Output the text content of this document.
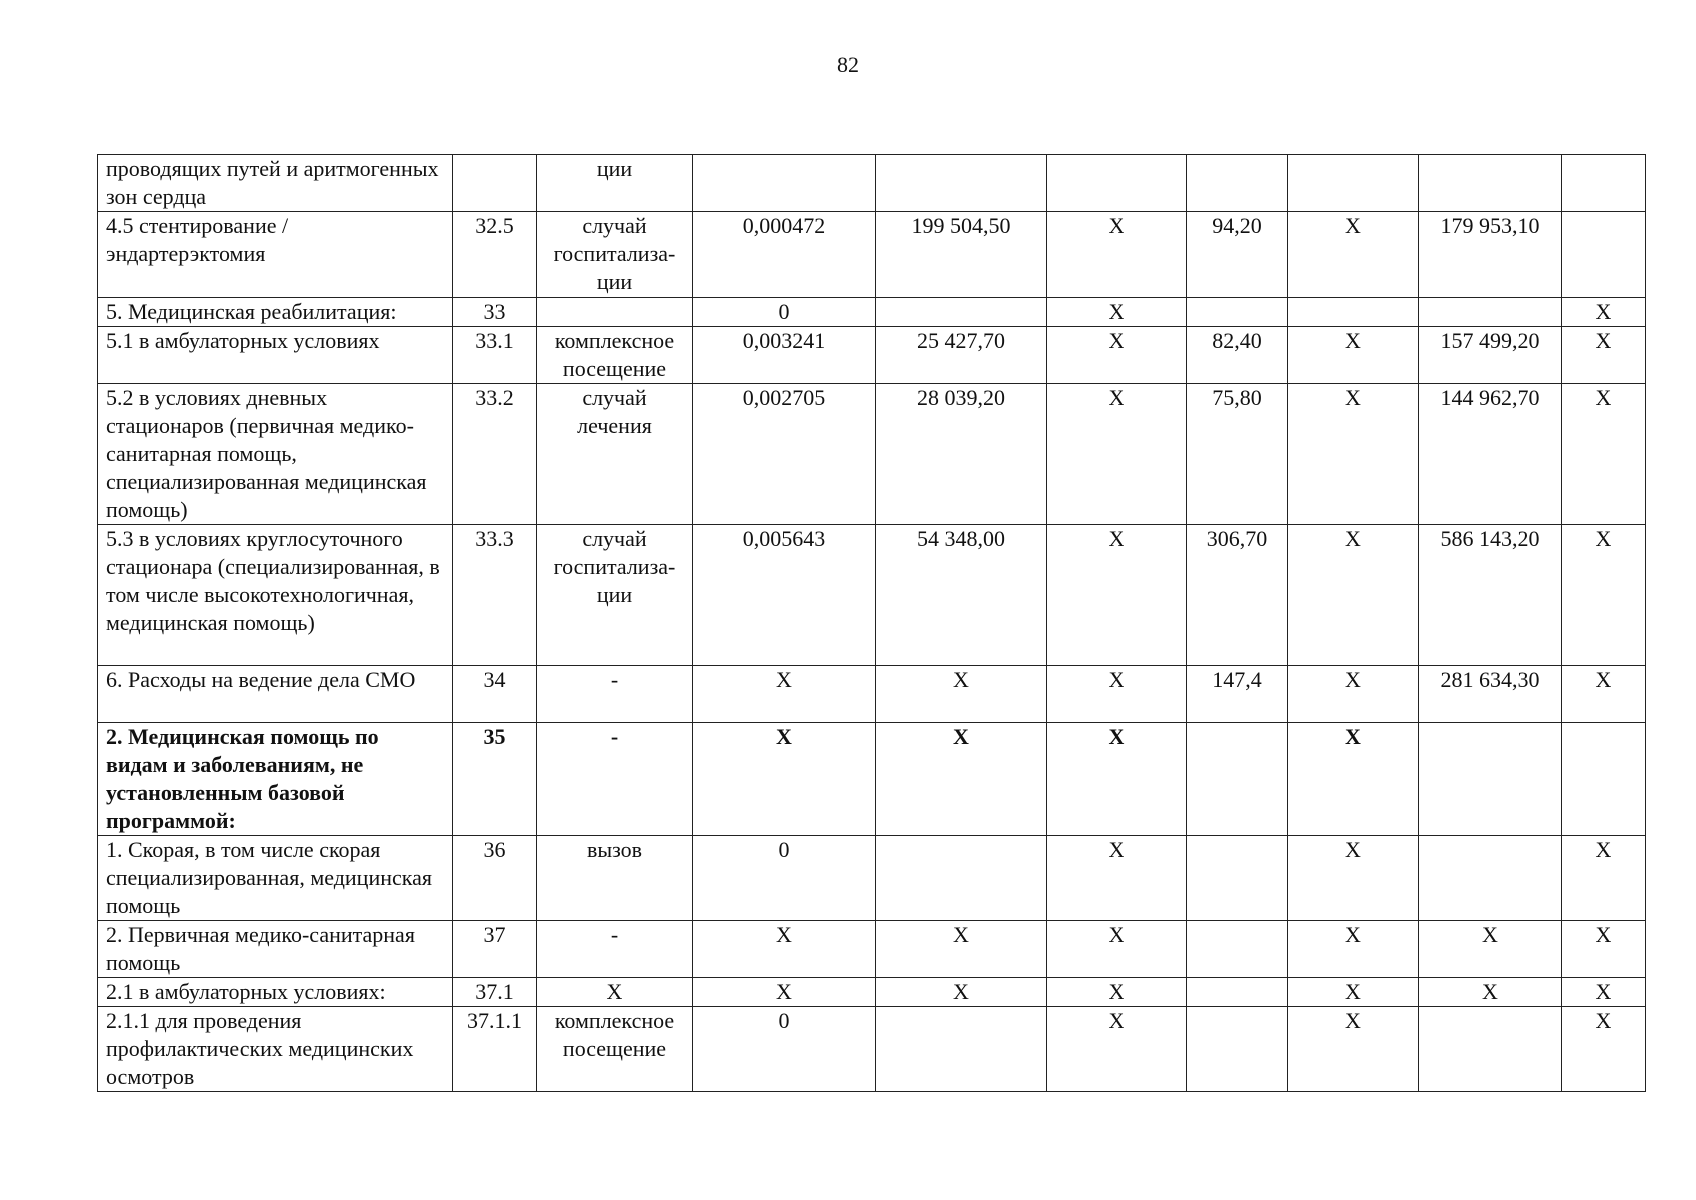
82
проводящих путей и аритмогенных зон сердца		ции							
4.5 стентирование / эндартерэктомия	32.5	случай госпитализа-ции	0,000472	199 504,50	X	94,20	X	179 953,10	
5. Медицинская реабилитация:	33		0		X				X
5.1 в амбулаторных условиях	33.1	комплексное посещение	0,003241	25 427,70	X	82,40	X	157 499,20	X
5.2 в условиях дневных стационаров (первичная медико-санитарная помощь, специализированная медицинская помощь)	33.2	случай лечения	0,002705	28 039,20	X	75,80	X	144 962,70	X
5.3 в условиях круглосуточного стационара (специализированная, в том числе высокотехнологичная, медицинская помощь)	33.3	случай госпитализа-ции	0,005643	54 348,00	X	306,70	X	586 143,20	X
6. Расходы на ведение дела СМО	34	-	X	X	X	147,4	X	281 634,30	X
2. Медицинская помощь по видам и заболеваниям, не установленным базовой программой:	35	-	X	X	X		X		
1. Скорая, в том числе скорая специализированная, медицинская помощь	36	вызов	0		X		X		X
2. Первичная медико-санитарная помощь	37	-	X	X	X		X	X	X
2.1 в амбулаторных условиях:	37.1	X	X	X	X		X	X	X
2.1.1 для проведения профилактических медицинских осмотров	37.1.1	комплексное посещение	0		X		X		X
